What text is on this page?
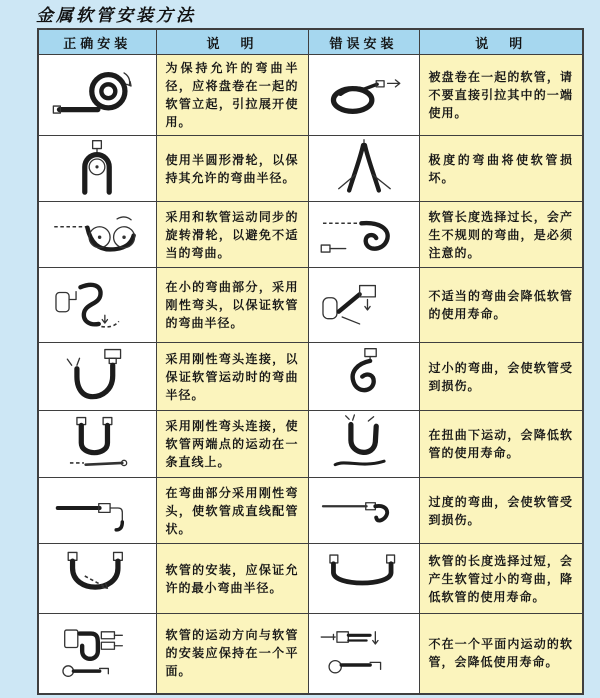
金属软管安装方法
正确安装	说　明	错误安装	说　明
	为保持允许的弯曲半径，应将盘卷在一起的软管立起，引拉展开使用。		被盘卷在一起的软管，请不要直接引拉其中的一端使用。
	使用半圆形滑轮，以保持其允许的弯曲半径。		极度的弯曲将使软管损坏。
	采用和软管运动同步的旋转滑轮，以避免不适当的弯曲。		软管长度选择过长，会产生不规则的弯曲，是必须注意的。
	在小的弯曲部分，采用刚性弯头，以保证软管的弯曲半径。		不适当的弯曲会降低软管的使用寿命。
	采用刚性弯头连接，以保证软管运动时的弯曲半径。		过小的弯曲，会使软管受到损伤。
	采用刚性弯头连接，使软管两端点的运动在一条直线上。		在扭曲下运动，会降低软管的使用寿命。
	在弯曲部分采用刚性弯头，使软管成直线配管状。		过度的弯曲，会使软管受到损伤。
	软管的安装，应保证允许的最小弯曲半径。		软管的长度选择过短，会产生软管过小的弯曲，降低软管的使用寿命。
	软管的运动方向与软管的安装应保持在一个平面。		不在一个平面内运动的软管，会降低使用寿命。
